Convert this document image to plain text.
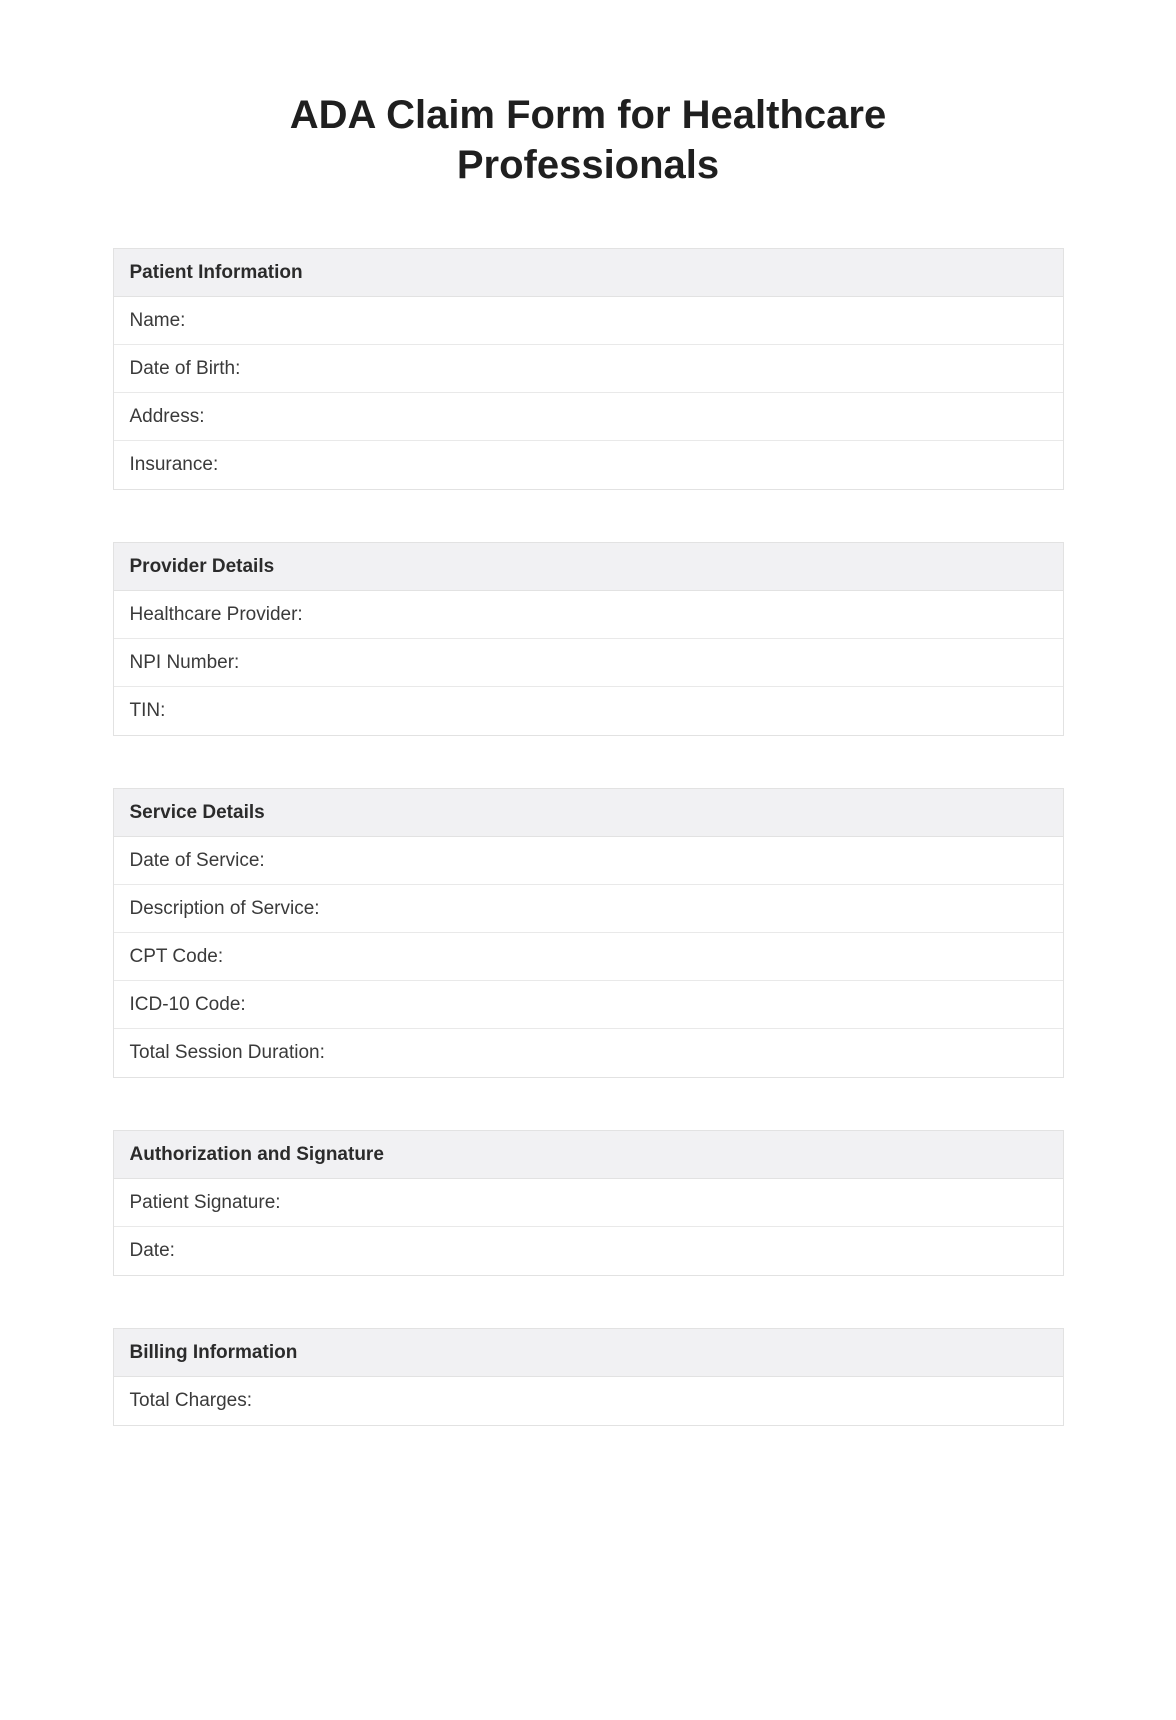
ADA Claim Form for Healthcare Professionals
Patient Information
Name:
Date of Birth:
Address:
Insurance:
Provider Details
Healthcare Provider:
NPI Number:
TIN:
Service Details
Date of Service:
Description of Service:
CPT Code:
ICD-10 Code:
Total Session Duration:
Authorization and Signature
Patient Signature:
Date:
Billing Information
Total Charges:
